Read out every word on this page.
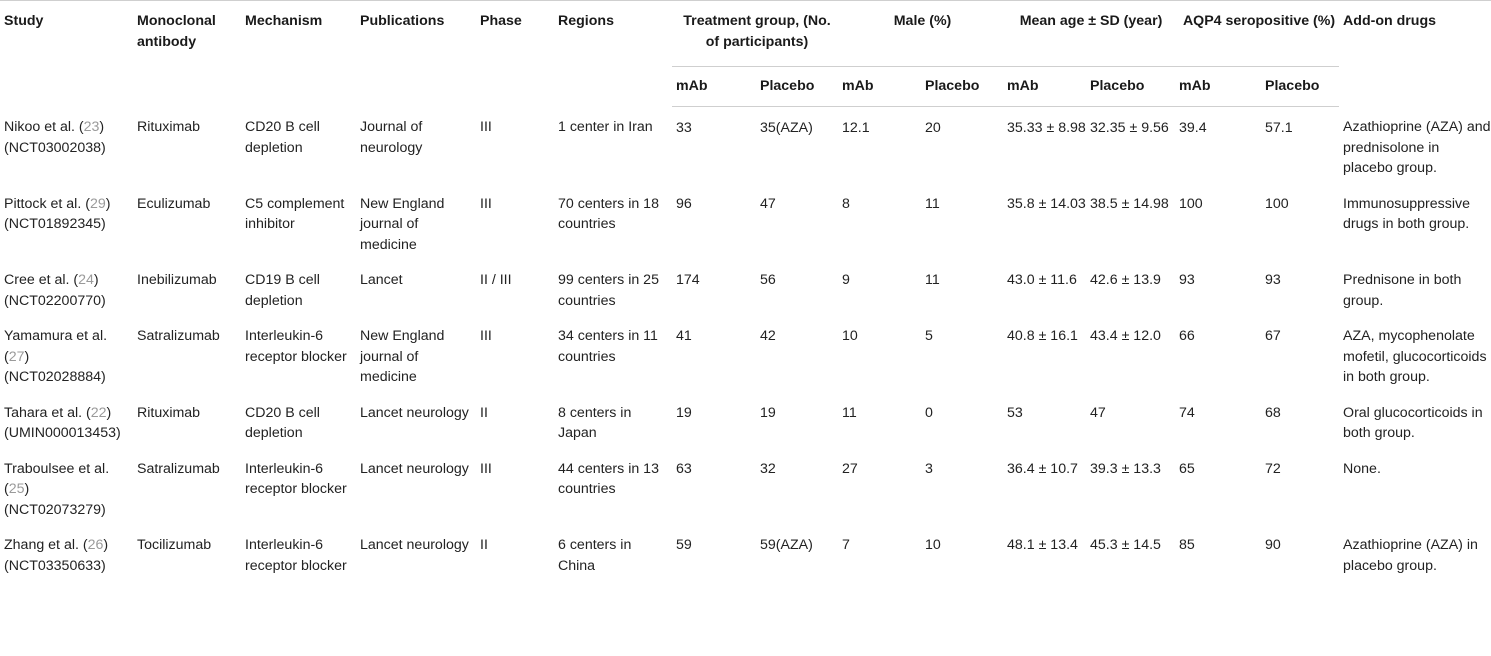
Study	Monoclonal antibody	Mechanism	Publications	Phase	Regions	Treatment group, (No. of participants)		Male (%)		Mean age ± SD (year)		AQP4 seropositive (%)		Add-on drugs
						mAb	Placebo	mAb	Placebo	mAb	Placebo	mAb	Placebo	
Nikoo et al. (23) (NCT03002038)	Rituximab	CD20 B cell depletion	Journal of neurology	III	1 center in Iran	33	35(AZA)	12.1	20	35.33 ± 8.98	32.35 ± 9.56	39.4	57.1	Azathioprine (AZA) and prednisolone in placebo group.
Pittock et al. (29) (NCT01892345)	Eculizumab	C5 complement inhibitor	New England journal of medicine	III	70 centers in 18 countries	96	47	8	11	35.8 ± 14.03	38.5 ± 14.98	100	100	Immunosuppressive drugs in both group.
Cree et al. (24) (NCT02200770)	Inebilizumab	CD19 B cell depletion	Lancet	II / III	99 centers in 25 countries	174	56	9	11	43.0 ± 11.6	42.6 ± 13.9	93	93	Prednisone in both group.
Yamamura et al. (27) (NCT02028884)	Satralizumab	Interleukin-6 receptor blocker	New England journal of medicine	III	34 centers in 11 countries	41	42	10	5	40.8 ± 16.1	43.4 ± 12.0	66	67	AZA, mycophenolate mofetil, glucocorticoids in both group.
Tahara et al. (22) (UMIN000013453)	Rituximab	CD20 B cell depletion	Lancet neurology	II	8 centers in Japan	19	19	11	0	53	47	74	68	Oral glucocorticoids in both group.
Traboulsee et al. (25) (NCT02073279)	Satralizumab	Interleukin-6 receptor blocker	Lancet neurology	III	44 centers in 13 countries	63	32	27	3	36.4 ± 10.7	39.3 ± 13.3	65	72	None.
Zhang et al. (26) (NCT03350633)	Tocilizumab	Interleukin-6 receptor blocker	Lancet neurology	II	6 centers in China	59	59(AZA)	7	10	48.1 ± 13.4	45.3 ± 14.5	85	90	Azathioprine (AZA) in placebo group.
